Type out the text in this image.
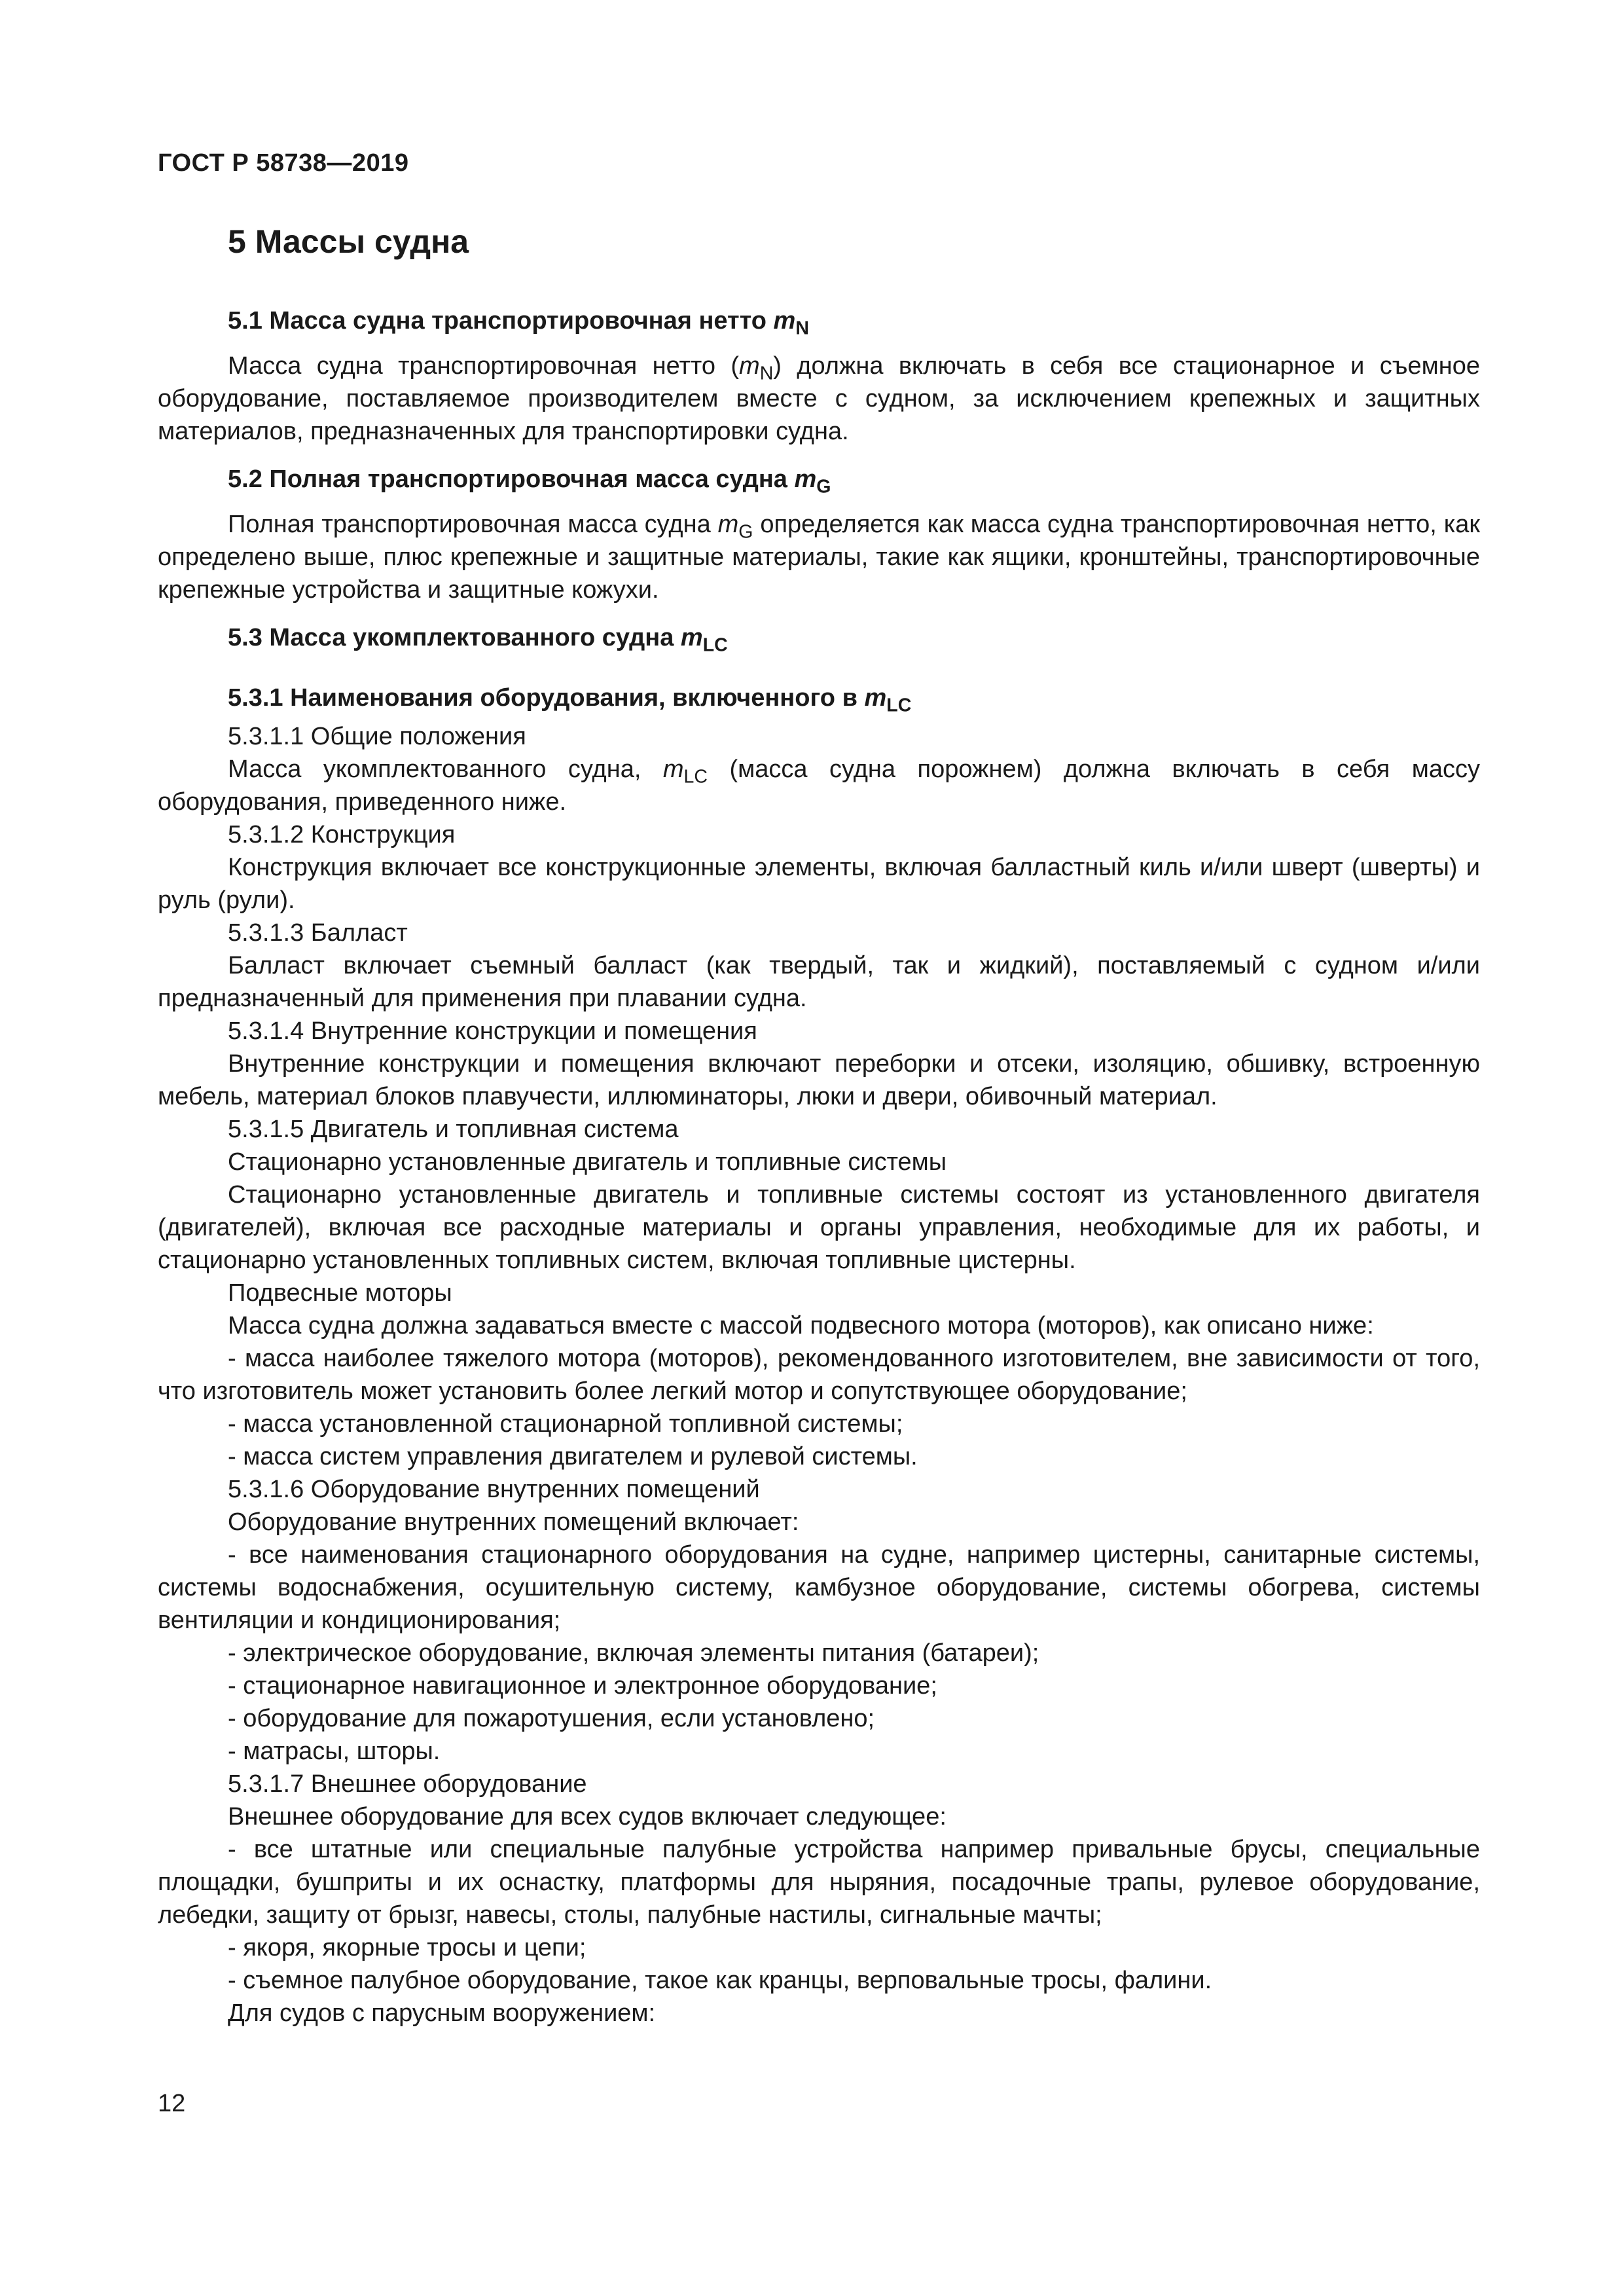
ГОСТ Р 58738—2019
5 Массы судна
5.1 Масса судна транспортировочная нетто $m_N$

Масса судна транспортировочная нетто $(m_N)$ должна включать в себя все стационарное и съемное оборудование, поставляемое производителем вместе с судном, за исключением крепежных и защитных материалов, предназначенных для транспортировки судна.

5.2 Полная транспортировочная масса судна $m_G$

Полная транспортировочная масса судна $m_G$ определяется как масса судна транспортировочная нетто, как определено выше, плюс крепежные и защитные материалы, такие как ящики, кронштейны, транспортировочные крепежные устройства и защитные кожухи.

5.3 Масса укомплектованного судна $m_{LC}$
5.3.1 Наименования оборудования, включенного в $m_{LC}$

5.3.1.1 Общие положения

Масса укомплектованного судна, $m_{LC}$ (масса судна порожнем) должна включать в себя массу оборудования, приведенного ниже.

5.3.1.2 Конструкция

Конструкция включает все конструкционные элементы, включая балластный киль и/или шверт (шверты) и руль (рули).

5.3.1.3 Балласт

Балласт включает съемный балласт (как твердый, так и жидкий), поставляемый с судном и/или предназначенный для применения при плавании судна.

5.3.1.4 Внутренние конструкции и помещения

Внутренние конструкции и помещения включают переборки и отсеки, изоляцию, обшивку, встроенную мебель, материал блоков плавучести, иллюминаторы, люки и двери, обивочный материал.

5.3.1.5 Двигатель и топливная система

Стационарно установленные двигатель и топливные системы

Стационарно установленные двигатель и топливные системы состоят из установленного двигателя (двигателей), включая все расходные материалы и органы управления, необходимые для их работы, и стационарно установленных топливных систем, включая топливные цистерны.

Подвесные моторы

Масса судна должна задаваться вместе с массой подвесного мотора (моторов), как описано ниже:

- масса наиболее тяжелого мотора (моторов), рекомендованного изготовителем, вне зависимости от того, что изготовитель может установить более легкий мотор и сопутствующее оборудование;

- масса установленной стационарной топливной системы;

- масса систем управления двигателем и рулевой системы.

5.3.1.6 Оборудование внутренних помещений

Оборудование внутренних помещений включает:

- все наименования стационарного оборудования на судне, например цистерны, санитарные системы, системы водоснабжения, осушительную систему, камбузное оборудование, системы обогрева, системы вентиляции и кондиционирования;

- электрическое оборудование, включая элементы питания (батареи);

- стационарное навигационное и электронное оборудование;

- оборудование для пожаротушения, если установлено;

- матрасы, шторы.

5.3.1.7 Внешнее оборудование

Внешнее оборудование для всех судов включает следующее:

- все штатные или специальные палубные устройства например привальные брусы, специальные площадки, бушприты и их оснастку, платформы для ныряния, посадочные трапы, рулевое оборудование, лебедки, защиту от брызг, навесы, столы, палубные настилы, сигнальные мачты;

- якоря, якорные тросы и цепи;

- съемное палубное оборудование, такое как кранцы, верповальные тросы, фалини.

Для судов с парусным вооружением:

12
